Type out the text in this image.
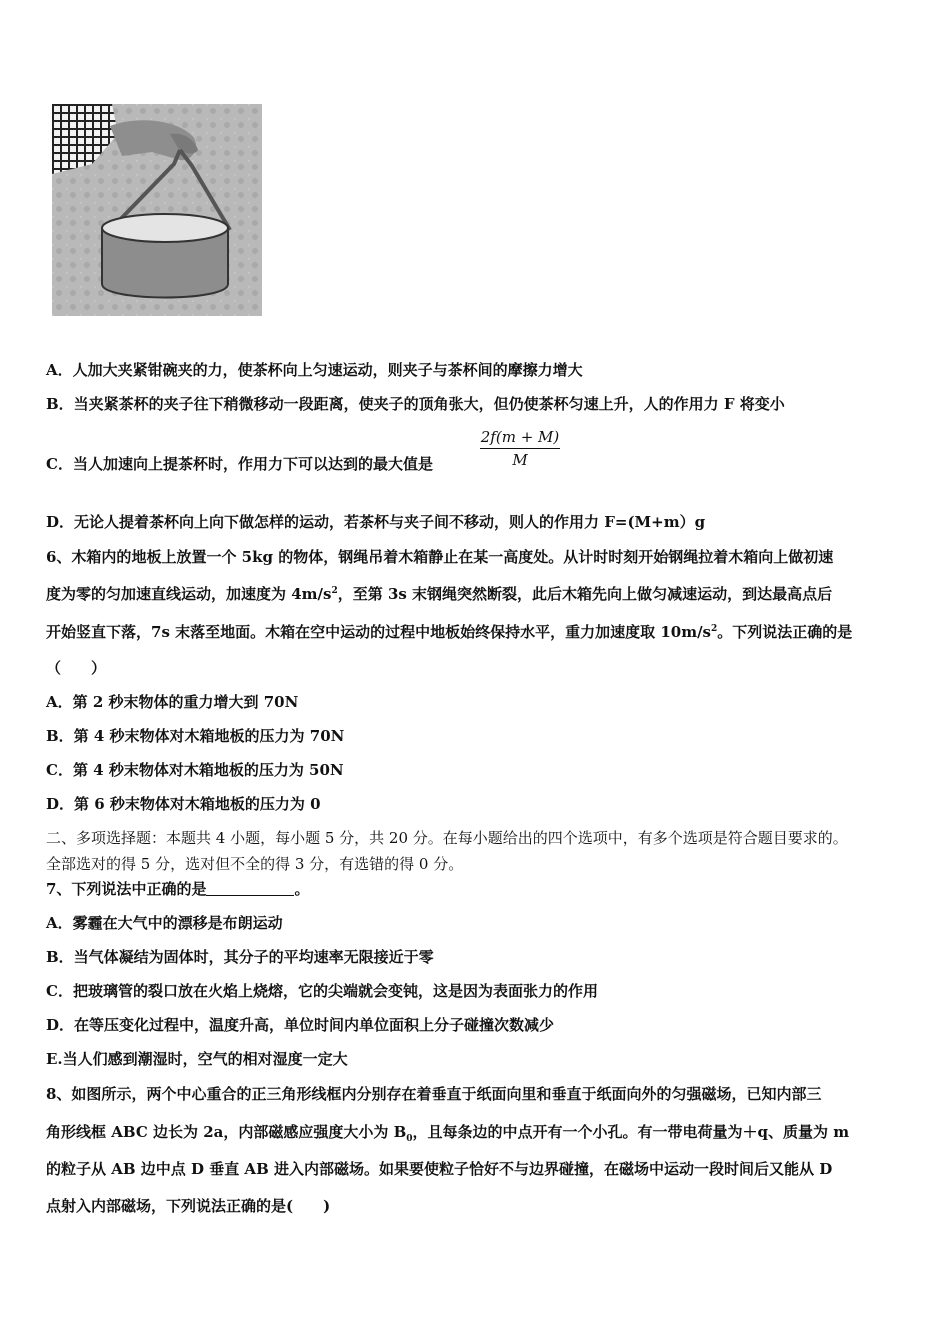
A．人加大夹紧钳碗夹的力，使茶杯向上匀速运动，则夹子与茶杯间的摩擦力增大
B．当夹紧茶杯的夹子往下稍微移动一段距离，使夹子的顶角张大，但仍使茶杯匀速上升，人的作用力 F 将变小
C．当人加速向上提茶杯时，作用力下可以达到的最大值是	$\frac{2f(m + M)}{M}$
D．无论人提着茶杯向上向下做怎样的运动，若茶杯与夹子间不移动，则人的作用力 F=(M+m）g
6、木箱内的地板上放置一个 5kg 的物体，钢绳吊着木箱静止在某一高度处。从计时时刻开始钢绳拉着木箱向上做初速
度为零的匀加速直线运动，加速度为 $4m/s^2$，至第 3s 末钢绳突然断裂，此后木箱先向上做匀减速运动，到达最高点后
开始竖直下落，7s 末落至地面。木箱在空中运动的过程中地板始终保持水平，重力加速度取 $10m/s^2$。下列说法正确的是
（　　）
A．第 2 秒末物体的重力增大到 70N
B．第 4 秒末物体对木箱地板的压力为 70N
C．第 4 秒末物体对木箱地板的压力为 50N
D．第 6 秒末物体对木箱地板的压力为 0
二、多项选择题：本题共 4 小题，每小题 5 分，共 20 分。在每小题给出的四个选项中，有多个选项是符合题目要求的。
全部选对的得 5 分，选对但不全的得 3 分，有选错的得 0 分。
7、下列说法中正确的是	。
A．雾霾在大气中的漂移是布朗运动
B．当气体凝结为固体时，其分子的平均速率无限接近于零
C．把玻璃管的裂口放在火焰上烧熔，它的尖端就会变钝，这是因为表面张力的作用
D．在等压变化过程中，温度升高，单位时间内单位面积上分子碰撞次数减少
E.当人们感到潮湿时，空气的相对湿度一定大
8、如图所示，两个中心重合的正三角形线框内分别存在着垂直于纸面向里和垂直于纸面向外的匀强磁场，已知内部三
角形线框 ABC 边长为 2a，内部磁感应强度大小为 $B_0$，且每条边的中点开有一个小孔。有一带电荷量为＋q、质量为 m
的粒子从 AB 边中点 D 垂直 AB 进入内部磁场。如果要使粒子恰好不与边界碰撞，在磁场中运动一段时间后又能从 D
点射入内部磁场，下列说法正确的是(　　)
